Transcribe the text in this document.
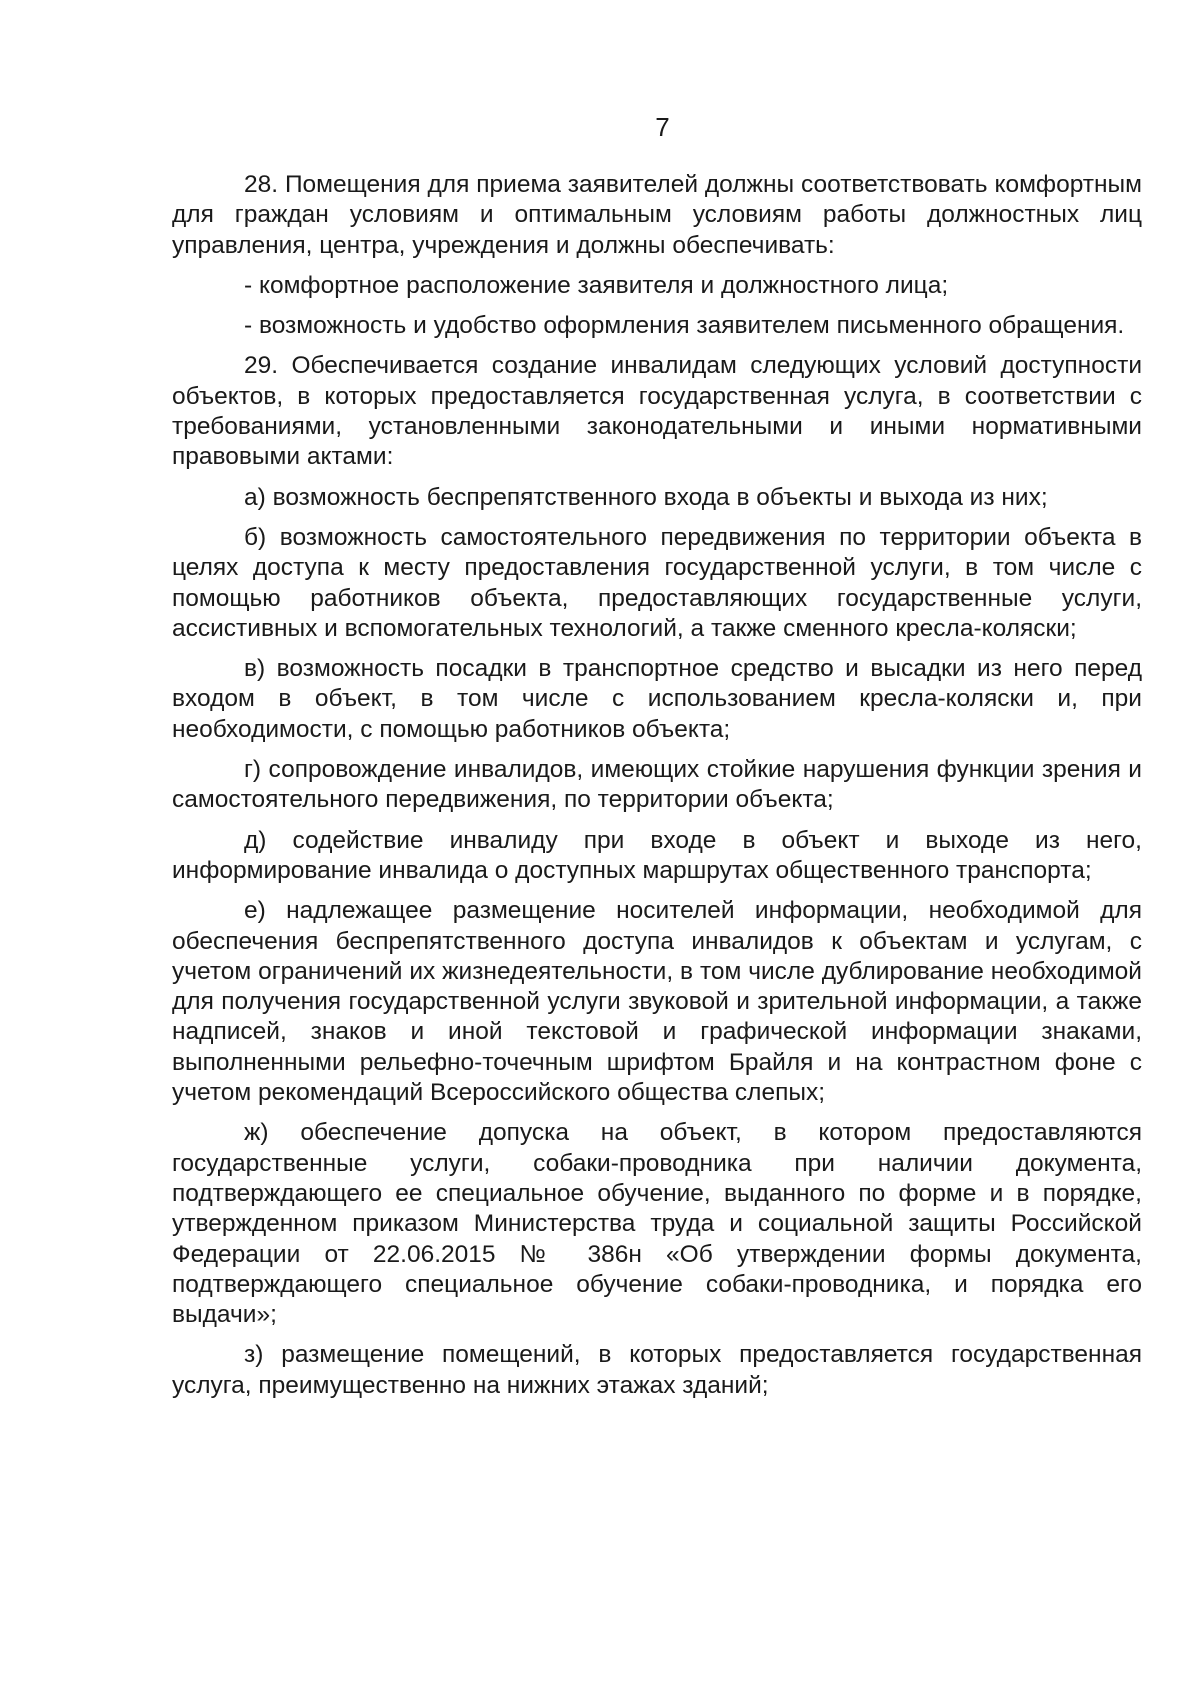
7

28. Помещения для приема заявителей должны соответствовать комфортным для граждан условиям и оптимальным условиям работы должностных лиц управления, центра, учреждения и должны обеспечивать:

- комфортное расположение заявителя и должностного лица;

- возможность и удобство оформления заявителем письменного обращения.

29. Обеспечивается создание инвалидам следующих условий доступности объектов, в которых предоставляется государственная услуга, в соответствии с требованиями, установленными законодательными и иными нормативными правовыми актами:

а) возможность беспрепятственного входа в объекты и выхода из них;

б) возможность самостоятельного передвижения по территории объекта в целях доступа к месту предоставления государственной услуги, в том числе с помощью работников объекта, предоставляющих государственные услуги, ассистивных и вспомогательных технологий, а также сменного кресла-коляски;

в) возможность посадки в транспортное средство и высадки из него перед входом в объект, в том числе с использованием кресла-коляски и, при необходимости, с помощью работников объекта;

г) сопровождение инвалидов, имеющих стойкие нарушения функции зрения и самостоятельного передвижения, по территории объекта;

д) содействие инвалиду при входе в объект и выходе из него, информирование инвалида о доступных маршрутах общественного транспорта;

е) надлежащее размещение носителей информации, необходимой для обеспечения беспрепятственного доступа инвалидов к объектам и услугам, с учетом ограничений их жизнедеятельности, в том числе дублирование необходимой для получения государственной услуги звуковой и зрительной информации, а также надписей, знаков и иной текстовой и графической информации знаками, выполненными рельефно-точечным шрифтом Брайля и на контрастном фоне с учетом рекомендаций Всероссийского общества слепых;

ж) обеспечение допуска на объект, в котором предоставляются государственные услуги, собаки-проводника при наличии документа, подтверждающего ее специальное обучение, выданного по форме и в порядке, утвержденном приказом Министерства труда и социальной защиты Российской Федерации от 22.06.2015 № 386н «Об утверждении формы документа, подтверждающего специальное обучение собаки-проводника, и порядка его выдачи»;

з) размещение помещений, в которых предоставляется государственная услуга, преимущественно на нижних этажах зданий;
